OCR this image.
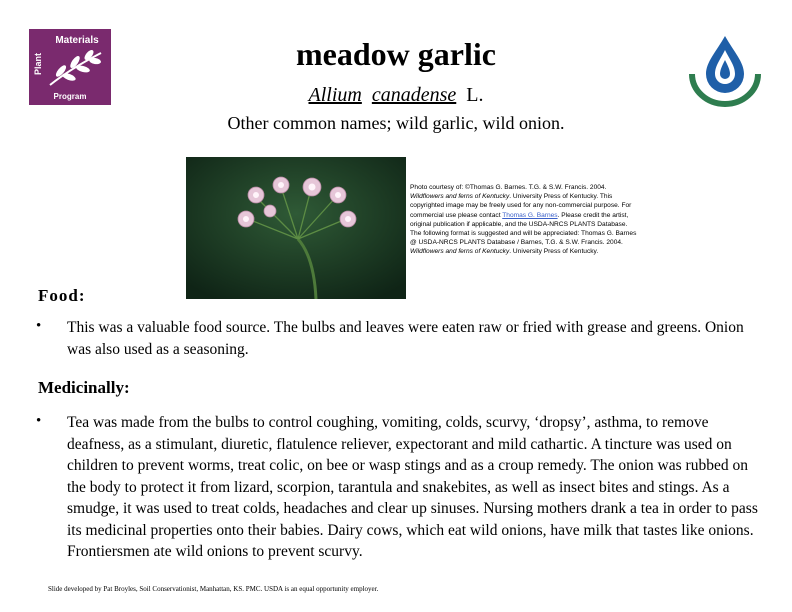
Materials
Plant
Program
meadow garlic
Allium canadense L.
Other common names; wild garlic, wild onion.
Photo courtesy of: ©Thomas G. Barnes. T.G. & S.W. Francis. 2004. Wildflowers and ferns of Kentucky. University Press of Kentucky. This copyrighted image may be freely used for any non-commercial purpose. For commercial use please contact Thomas G. Barnes. Please credit the artist, original publication if applicable, and the USDA-NRCS PLANTS Database. The following format is suggested and will be appreciated: Thomas G. Barnes @ USDA-NRCS PLANTS Database / Barnes, T.G. & S.W. Francis. 2004. Wildflowers and ferns of Kentucky. University Press of Kentucky.
Food:
• This was a valuable food source. The bulbs and leaves were eaten raw or fried with grease and greens. Onion was also used as a seasoning.
Medicinally:
• Tea was made from the bulbs to control coughing, vomiting, colds, scurvy, ‘dropsy’, asthma, to remove deafness, as a stimulant, diuretic, flatulence reliever, expectorant and mild cathartic. A tincture was used on children to prevent worms, treat colic, on bee or wasp stings and as a croup remedy. The onion was rubbed on the body to protect it from lizard, scorpion, tarantula and snakebites, as well as insect bites and stings. As a smudge, it was used to treat colds, headaches and clear up sinuses. Nursing mothers drank a tea in order to pass its medicinal properties onto their babies. Dairy cows, which eat wild onions, have milk that tastes like onions. Frontiersmen ate wild onions to prevent scurvy.
Slide developed by Pat Broyles, Soil Conservationist, Manhattan, KS. PMC. USDA is an equal opportunity employer.
